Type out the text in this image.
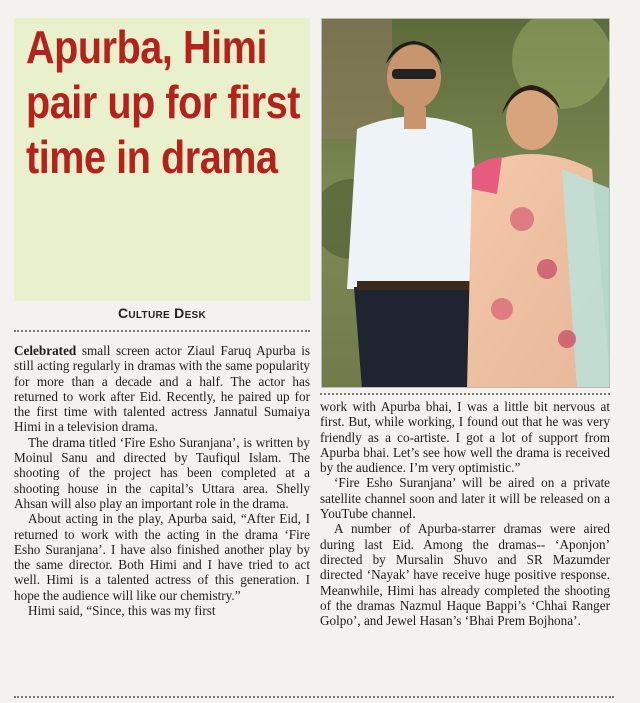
Apurba, Himi pair up for first time in drama
Culture Desk

Celebrated small screen actor Ziaul Faruq Apurba is still acting regularly in dramas with the same popularity for more than a decade and a half. The actor has returned to work after Eid. Recently, he paired up for the first time with talented actress Jannatul Sumaiya Himi in a television drama.

The drama titled ‘Fire Esho Suranjana’, is written by Moinul Sanu and directed by Taufiqul Islam. The shooting of the project has been completed at a shooting house in the capital’s Uttara area. Shelly Ahsan will also play an important role in the drama.

About acting in the play, Apurba said, “After Eid, I returned to work with the acting in the drama ‘Fire Esho Suranjana’. I have also finished another play by the same director. Both Himi and I have tried to act well. Himi is a talented actress of this generation. I hope the audience will like our chemistry.”

Himi said, “Since, this was my first

work with Apurba bhai, I was a little bit nervous at first. But, while working, I found out that he was very friendly as a co-artiste. I got a lot of support from Apurba bhai. Let’s see how well the drama is received by the audience. I’m very optimistic.”

‘Fire Esho Suranjana’ will be aired on a private satellite channel soon and later it will be released on a YouTube channel.

A number of Apurba-starrer dramas were aired during last Eid. Among the dramas-- ‘Aponjon’ directed by Mursalin Shuvo and SR Mazumder directed ‘Nayak’ have receive huge positive response. Meanwhile, Himi has already completed the shooting of the dramas Nazmul Haque Bappi’s ‘Chhai Ranger Golpo’, and Jewel Hasan’s ‘Bhai Prem Bojhona’.
